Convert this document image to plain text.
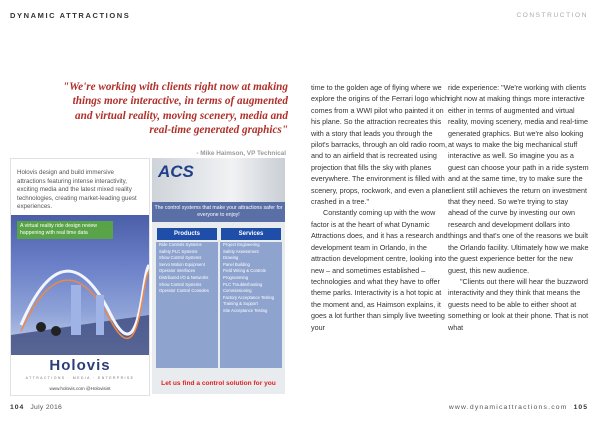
DYNAMIC ATTRACTIONS	CONSTRUCTION
"We're working with clients right now at making things more interactive, in terms of augmented and virtual reality, moving scenery, media and real-time generated graphics"
- Mike Haimson, VP Technical
Holovis design and build immersive attractions featuring intense interactivity, exciting media and the latest mixed reality technologies, creating market-leading guest experiences.
A virtual reality ride design review happening with real time data
Holovis
ATTRACTIONS · MEDIA · ENTERPRISE
www.holovis.com @Holovisint
ACS
The control systems that make your attractions safer for everyone to enjoy!
Products	Services
Ride Controls Systems
Safety PLC Systems
Show Control Systems
Servo Motion Equipment
Operator Interfaces
Distributed I/O & Networks
Show Control Systems
Operator Control Consoles
Project Engineering
Safety Assessment
Drawing
Panel Building
Field Wiring & Controls
Programming
PLC Troubleshooting
Commissioning
Factory Acceptance Testing
Training & Support
Site Acceptance Testing
Let us find a control solution for you

time to the golden age of flying where we explore the origins of the Ferrari logo which comes from a WWI pilot who painted it on his plane. So the attraction recreates this with a story that leads you through the pilot's barracks, through an old radio room, and to an airfield that is recreated using projection that fills the sky with planes everywhere. The environment is filled with scenery, props, rockwork, and even a plane crashed in a tree."

Constantly coming up with the wow factor is at the heart of what Dynamic Attractions does, and it has a research and development team in Orlando, in the attraction development centre, looking into new – and sometimes established – technologies and what they have to offer theme parks. Interactivity is a hot topic at the moment and, as Haimson explains, it goes a lot further than simply live tweeting your

ride experience: "We're working with clients right now at making things more interactive either in terms of augmented and virtual reality, moving scenery, media and real-time generated graphics. But we're also looking at ways to make the big mechanical stuff interactive as well. So imagine you as a guest can choose your path in a ride system and at the same time, try to make sure the client still achieves the return on investment that they need. So we're trying to stay ahead of the curve by investing our own research and development dollars into things and that's one of the reasons we built the Orlando facility. Ultimately how we make the guest experience better for the new guest, this new audience.

"Clients out there will hear the buzzword interactivity and they think that means the guests need to be able to either shoot at something or look at their phone. That is not what

104 July 2016	www.dynamicattractions.com 105
